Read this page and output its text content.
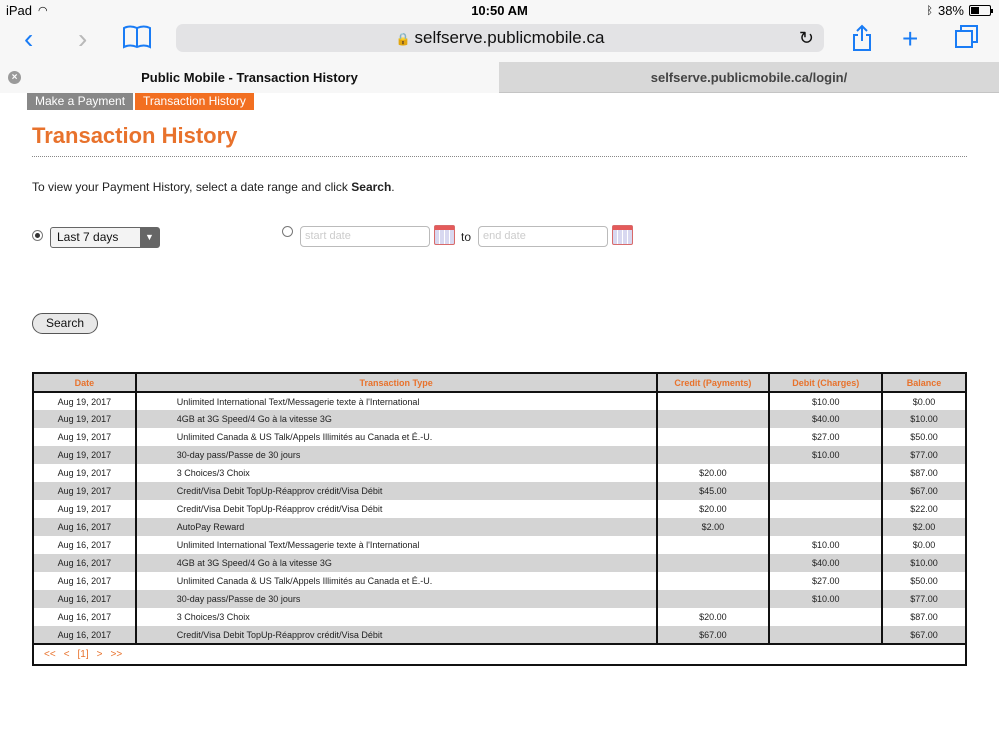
iPad ◠	10:50 AM	ᛒ 38%
‹ ›	🔒 selfserve.publicmobile.ca	↻	+
×	Public Mobile - Transaction History	selfserve.publicmobile.ca/login/
Make a Payment	Transaction History
Transaction History

To view your Payment History, select a date range and click Search.

Last 7 days	▼	start date	to	end date
Search
Date	Transaction Type	Credit (Payments)	Debit (Charges)	Balance
Aug 19, 2017	Unlimited International Text/Messagerie texte à l'International		$10.00	$0.00
Aug 19, 2017	4GB at 3G Speed/4 Go à la vitesse 3G		$40.00	$10.00
Aug 19, 2017	Unlimited Canada & US Talk/Appels Illimités au Canada et É.-U.		$27.00	$50.00
Aug 19, 2017	30-day pass/Passe de 30 jours		$10.00	$77.00
Aug 19, 2017	3 Choices/3 Choix	$20.00		$87.00
Aug 19, 2017	Credit/Visa Debit TopUp-Réapprov crédit/Visa Débit	$45.00		$67.00
Aug 19, 2017	Credit/Visa Debit TopUp-Réapprov crédit/Visa Débit	$20.00		$22.00
Aug 16, 2017	AutoPay Reward	$2.00		$2.00
Aug 16, 2017	Unlimited International Text/Messagerie texte à l'International		$10.00	$0.00
Aug 16, 2017	4GB at 3G Speed/4 Go à la vitesse 3G		$40.00	$10.00
Aug 16, 2017	Unlimited Canada & US Talk/Appels Illimités au Canada et É.-U.		$27.00	$50.00
Aug 16, 2017	30-day pass/Passe de 30 jours		$10.00	$77.00
Aug 16, 2017	3 Choices/3 Choix	$20.00		$87.00
Aug 16, 2017	Credit/Visa Debit TopUp-Réapprov crédit/Visa Débit	$67.00		$67.00
<< < [1] > >>				
